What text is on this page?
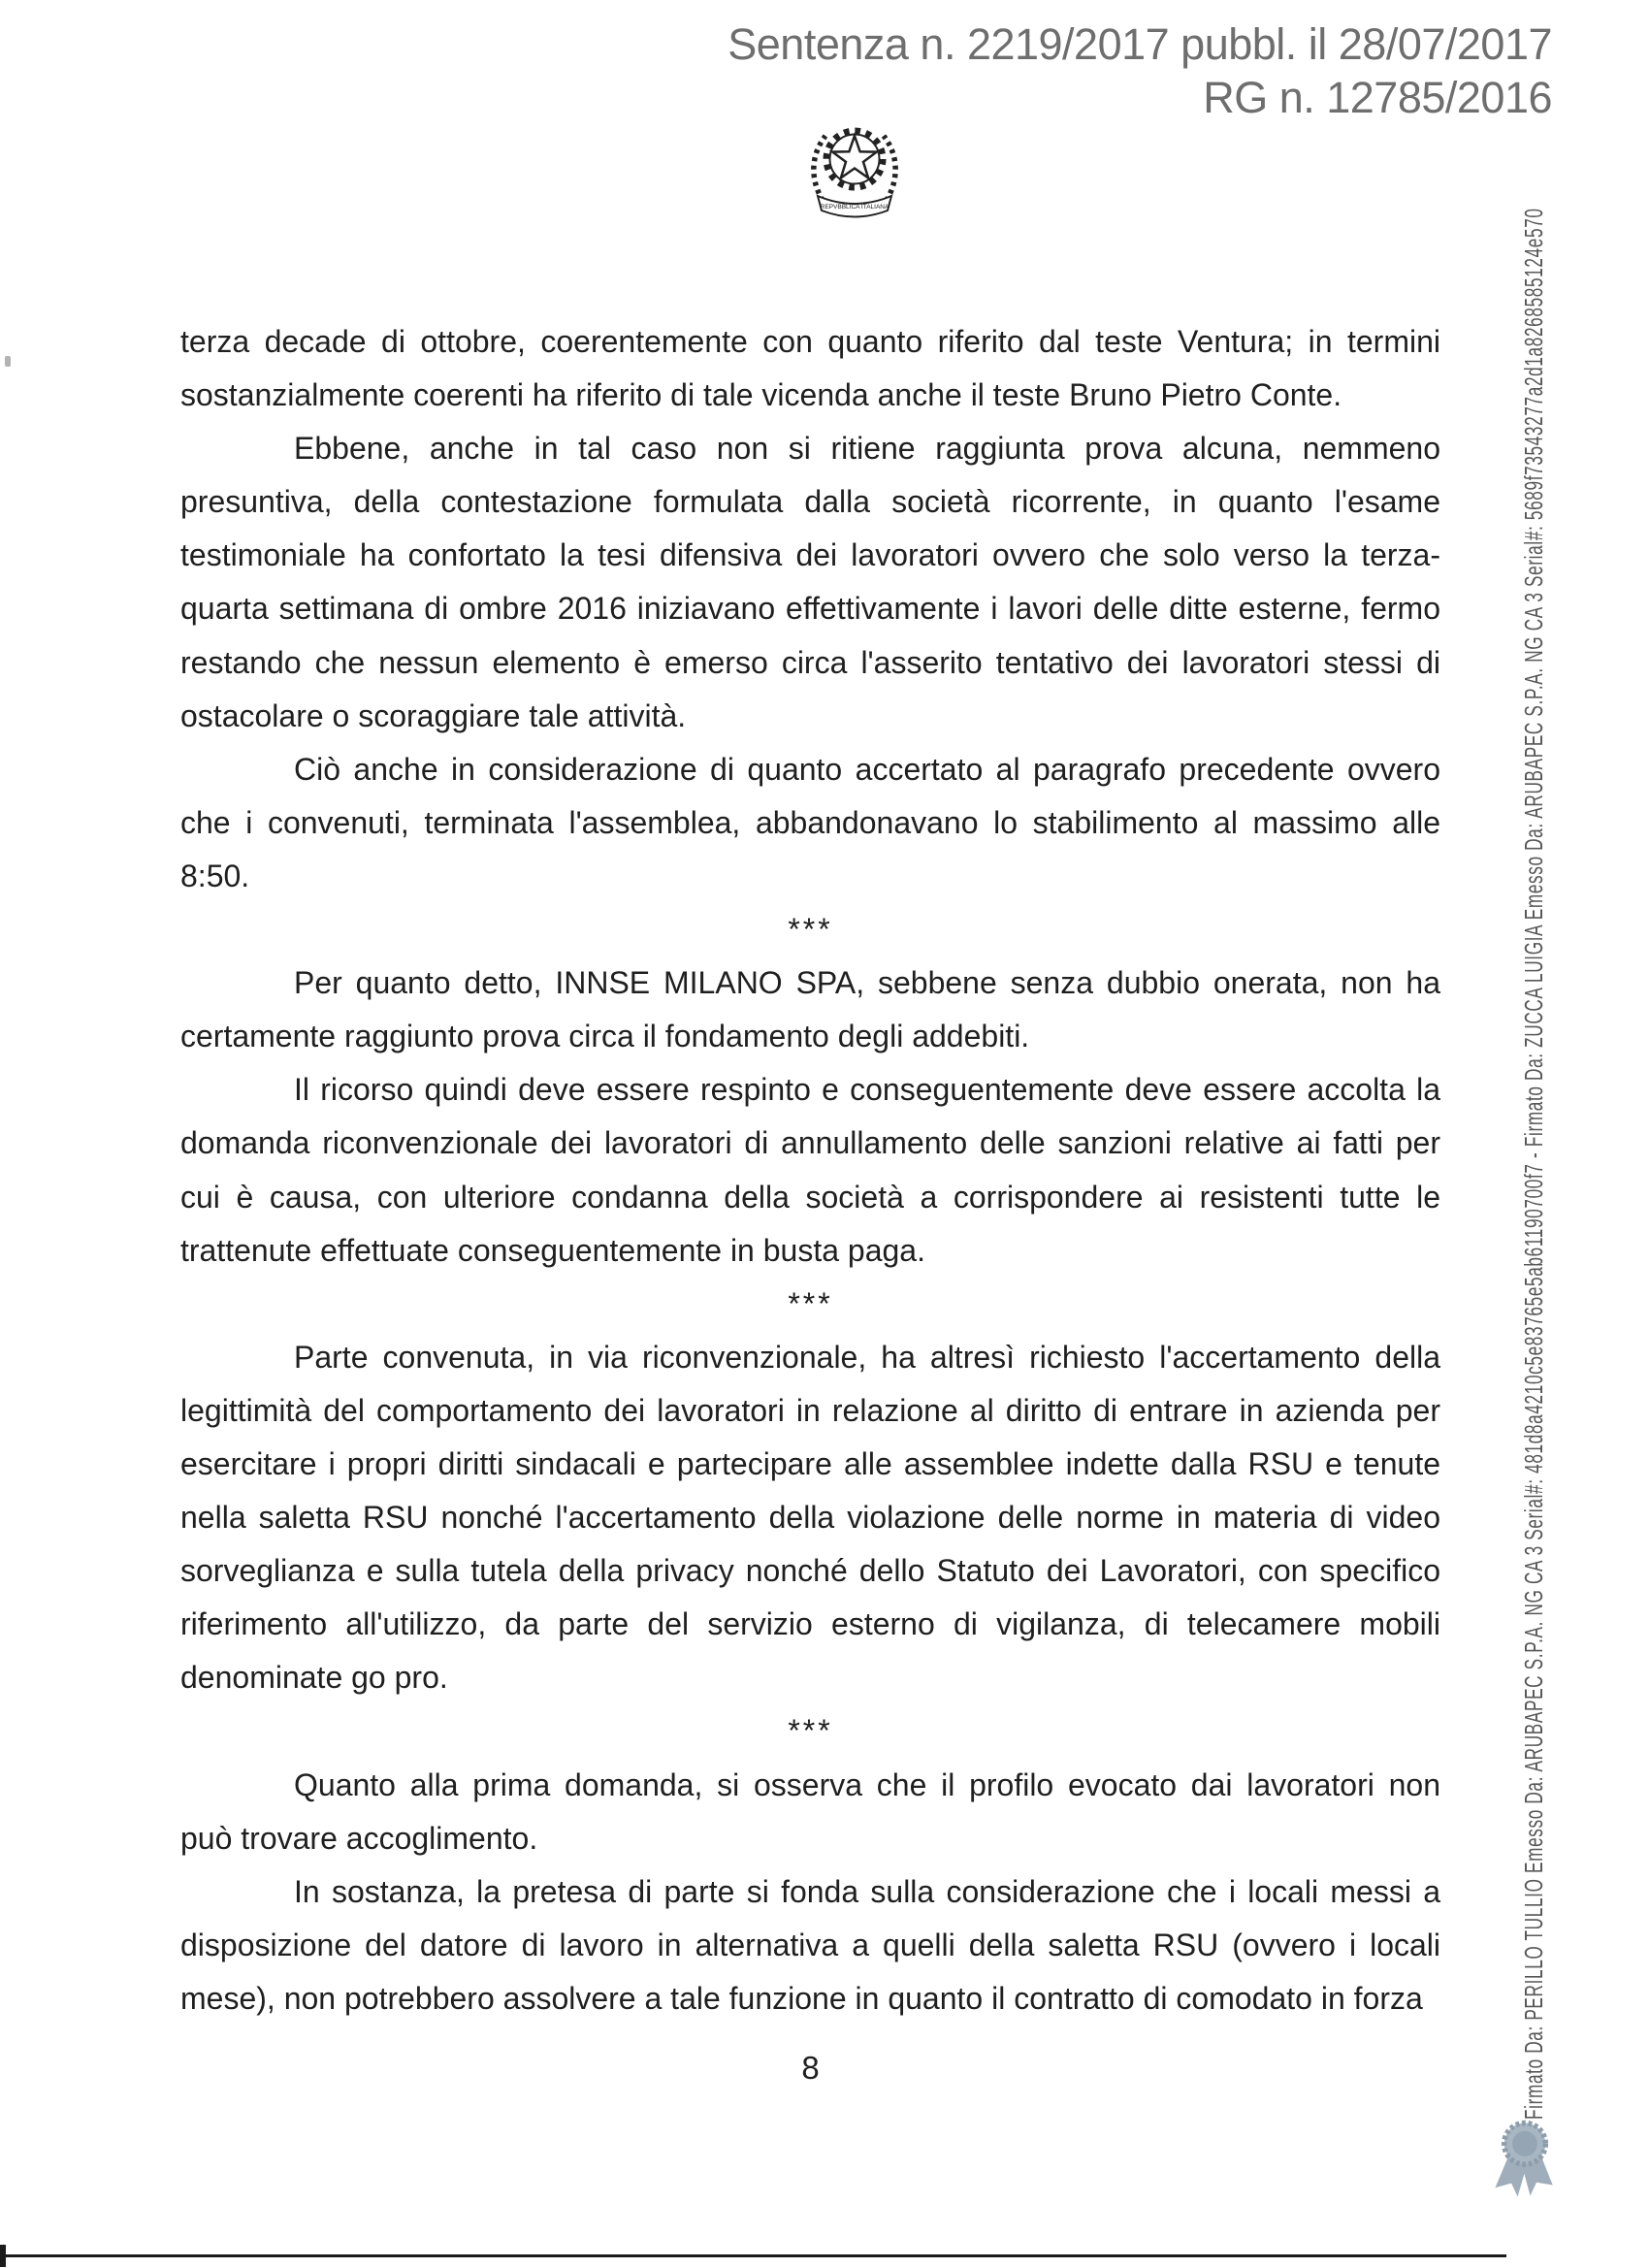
Sentenza n. 2219/2017 pubbl. il 28/07/2017
RG n. 12785/2016
REPVBBLICA ITALIANA
terza decade di ottobre, coerentemente con quanto riferito dal teste Ventura; in termini
sostanzialmente coerenti ha riferito di tale vicenda anche il teste Bruno Pietro Conte.
Ebbene, anche in tal caso non si ritiene raggiunta prova alcuna, nemmeno
presuntiva, della contestazione formulata dalla società ricorrente, in quanto l'esame
testimoniale ha confortato la tesi difensiva dei lavoratori ovvero che solo verso la terza-
quarta settimana di ombre 2016 iniziavano effettivamente i lavori delle ditte esterne, fermo
restando che nessun elemento è emerso circa l'asserito tentativo dei lavoratori stessi di
ostacolare o scoraggiare tale attività.
Ciò anche in considerazione di quanto accertato al paragrafo precedente ovvero
che i convenuti, terminata l'assemblea, abbandonavano lo stabilimento al massimo alle
8:50.
***
Per quanto detto, INNSE MILANO SPA, sebbene senza dubbio onerata, non ha
certamente raggiunto prova circa il fondamento degli addebiti.
Il ricorso quindi deve essere respinto e conseguentemente deve essere accolta la
domanda riconvenzionale dei lavoratori di annullamento delle sanzioni relative ai fatti per
cui è causa, con ulteriore condanna della società a corrispondere ai resistenti tutte le
trattenute effettuate conseguentemente in busta paga.
***
Parte convenuta, in via riconvenzionale, ha altresì richiesto l'accertamento della
legittimità del comportamento dei lavoratori in relazione al diritto di entrare in azienda per
esercitare i propri diritti sindacali e partecipare alle assemblee indette dalla RSU e tenute
nella saletta RSU nonché l'accertamento della violazione delle norme in materia di video
sorveglianza e sulla tutela della privacy nonché dello Statuto dei Lavoratori, con specifico
riferimento all'utilizzo, da parte del servizio esterno di vigilanza, di telecamere mobili
denominate go pro.
***
Quanto alla prima domanda, si osserva che il profilo evocato dai lavoratori non
può trovare accoglimento.
In sostanza, la pretesa di parte si fonda sulla considerazione che i locali messi a
disposizione del datore di lavoro in alternativa a quelli della saletta RSU (ovvero i locali
mese), non potrebbero assolvere a tale funzione in quanto il contratto di comodato in forza
8	Firmato Da: PERILLO TULLIO Emesso Da: ARUBAPEC S.P.A. NG CA 3 Serial#: 481d8a4210c5e83765e5ab61190700f7 - Firmato Da: ZUCCA LUIGIA Emesso Da: ARUBAPEC S.P.A. NG CA 3 Serial#: 5689f73543277a2d1a8268585124e570
